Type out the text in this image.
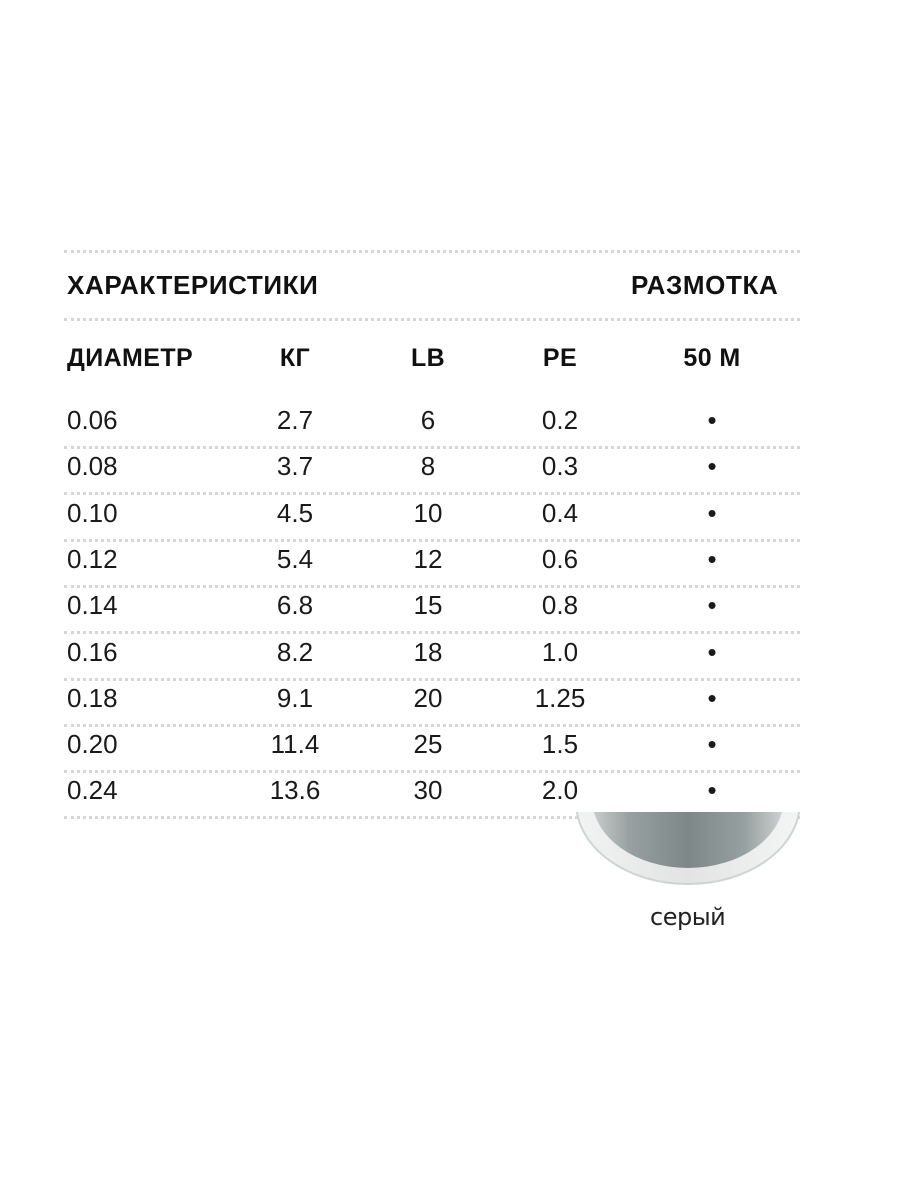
ХАРАКТЕРИСТИКИ	РАЗМОТКА
ДИАМЕТР	КГ	LB	PE	50 М
0.06	2.7	6	0.2	•
0.08	3.7	8	0.3	•
0.10	4.5	10	0.4	•
0.12	5.4	12	0.6	•
0.14	6.8	15	0.8	•
0.16	8.2	18	1.0	•
0.18	9.1	20	1.25	•
0.20	11.4	25	1.5	•
0.24	13.6	30	2.0	•
серый
